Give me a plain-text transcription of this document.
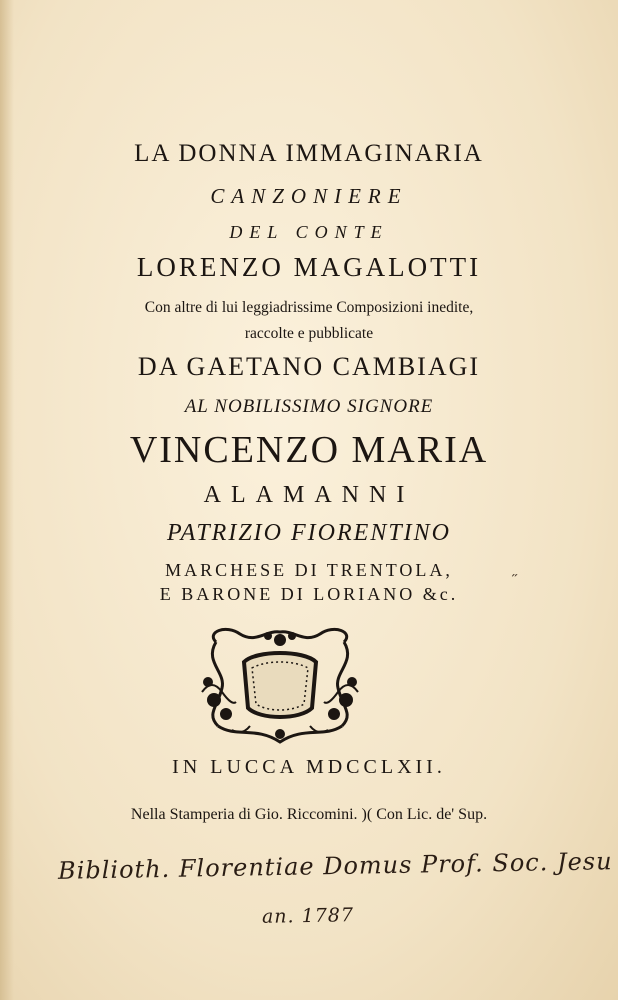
LA DONNA IMMAGINARIA
CANZONIERE
DEL CONTE
LORENZO MAGALOTTI
Con altre di lui leggiadrissime Composizioni inedite,
raccolte e pubblicate
DA GAETANO CAMBIAGI
AL NOBILISSIMO SIGNORE
VINCENZO MARIA
ALAMANNI
PATRIZIO FIORENTINO
MARCHESE DI TRENTOLA,
E BARONE DI LORIANO &c.
˶
IN LUCCA MDCCLXII.
Nella Stamperia di Gio. Riccomini. )( Con Lic. de' Sup.
Biblioth. Florentiae Domus Prof. Soc. Jesu
an. 1787
